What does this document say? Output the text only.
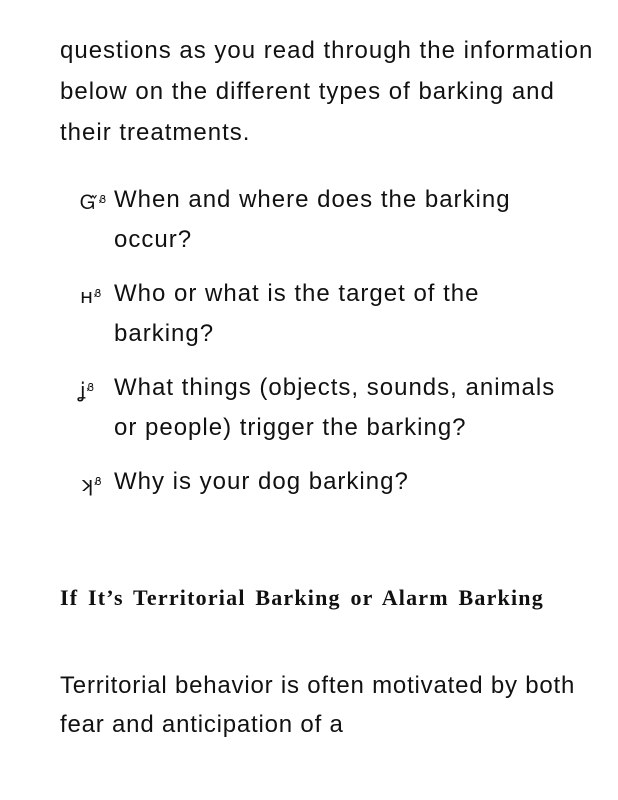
questions as you read through the information below on the different types of barking and their treatments.

Ᏻ$^Ᏸ$ When and where does the barking occur?
$н^Ᏸ$ Who or what is the target of the barking?
ʝ$^Ᏸ$ What things (objects, sounds, animals or people) trigger the barking?
ʞ$^Ᏸ$ Why is your dog barking?
If It’s Territorial Barking or Alarm Barking

Territorial behavior is often motivated by both fear and anticipation of a
